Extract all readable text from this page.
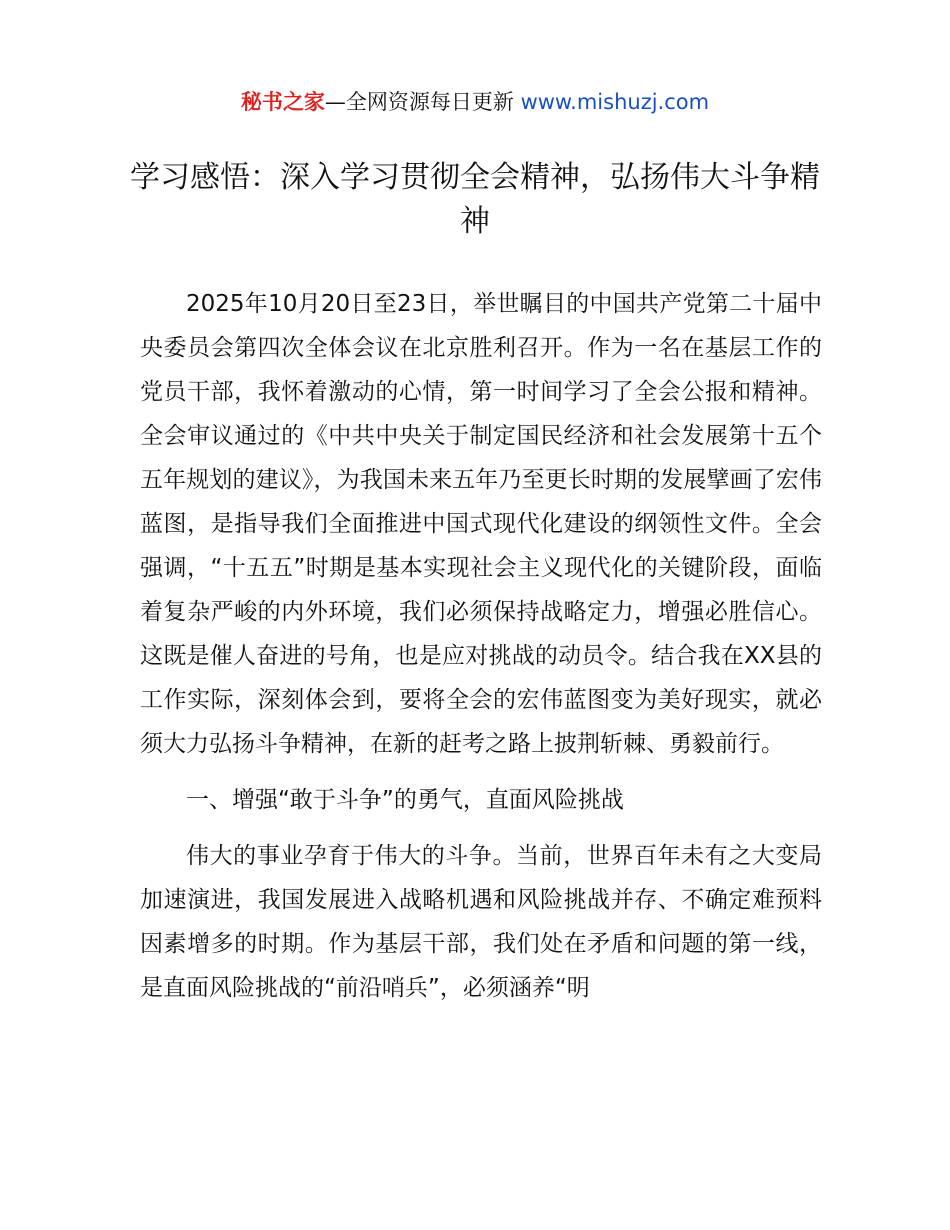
秘书之家—全网资源每日更新 www.mishuzj.com
学习感悟：深入学习贯彻全会精神，弘扬伟大斗争精神

2025年10月20日至23日，举世瞩目的中国共产党第二十届中央委员会第四次全体会议在北京胜利召开。作为一名在基层工作的党员干部，我怀着激动的心情，第一时间学习了全会公报和精神。全会审议通过的《中共中央关于制定国民经济和社会发展第十五个五年规划的建议》，为我国未来五年乃至更长时期的发展擘画了宏伟蓝图，是指导我们全面推进中国式现代化建设的纲领性文件。全会强调，“十五五”时期是基本实现社会主义现代化的关键阶段，面临着复杂严峻的内外环境，我们必须保持战略定力，增强必胜信心。这既是催人奋进的号角，也是应对挑战的动员令。结合我在XX县的工作实际，深刻体会到，要将全会的宏伟蓝图变为美好现实，就必须大力弘扬斗争精神，在新的赶考之路上披荆斩棘、勇毅前行。

一、增强“敢于斗争”的勇气，直面风险挑战

伟大的事业孕育于伟大的斗争。当前，世界百年未有之大变局加速演进，我国发展进入战略机遇和风险挑战并存、不确定难预料因素增多的时期。作为基层干部，我们处在矛盾和问题的第一线，是直面风险挑战的“前沿哨兵”，必须涵养“明
